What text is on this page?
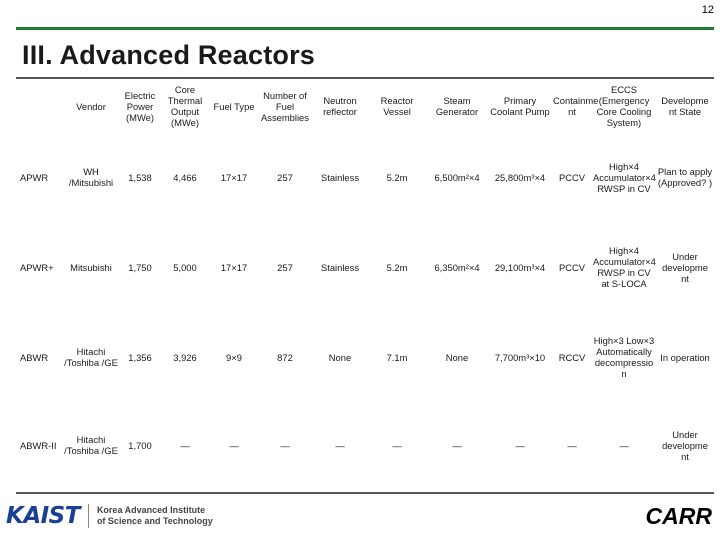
12
III. Advanced Reactors
	Vendor	Electric Power (MWe)	Core Thermal Output (MWe)	Fuel Type	Number of Fuel Assemblies	Neutron reflector	Reactor Vessel	Steam Generator	Primary Coolant Pump	Containme nt	ECCS (Emergency Core Cooling System)	Developme nt State
APWR	WH /Mitsubishi	1,538	4,466	17×17	257	Stainless	5.2m	6,500m²×4	25,800m³×4	PCCV	High×4 Accumulator×4 RWSP in CV	Plan to apply (Approved? )
APWR+	Mitsubishi	1,750	5,000	17×17	257	Stainless	5.2m	6,350m²×4	29,100m³×4	PCCV	High×4 Accumulator×4 RWSP in CV at S-LOCA	Under developme nt
ABWR	Hitachi /Toshiba /GE	1,356	3,926	9×9	872	None	7.1m	None	7,700m³×10	RCCV	High×3 Low×3 Automatically decompressio n	In operation
ABWR-II	Hitachi /Toshiba /GE	1,700	—	—	—	—	—	—	—	—	—	Under developme nt
KAIST Korea Advanced Institute of Science and Technology	CARR
